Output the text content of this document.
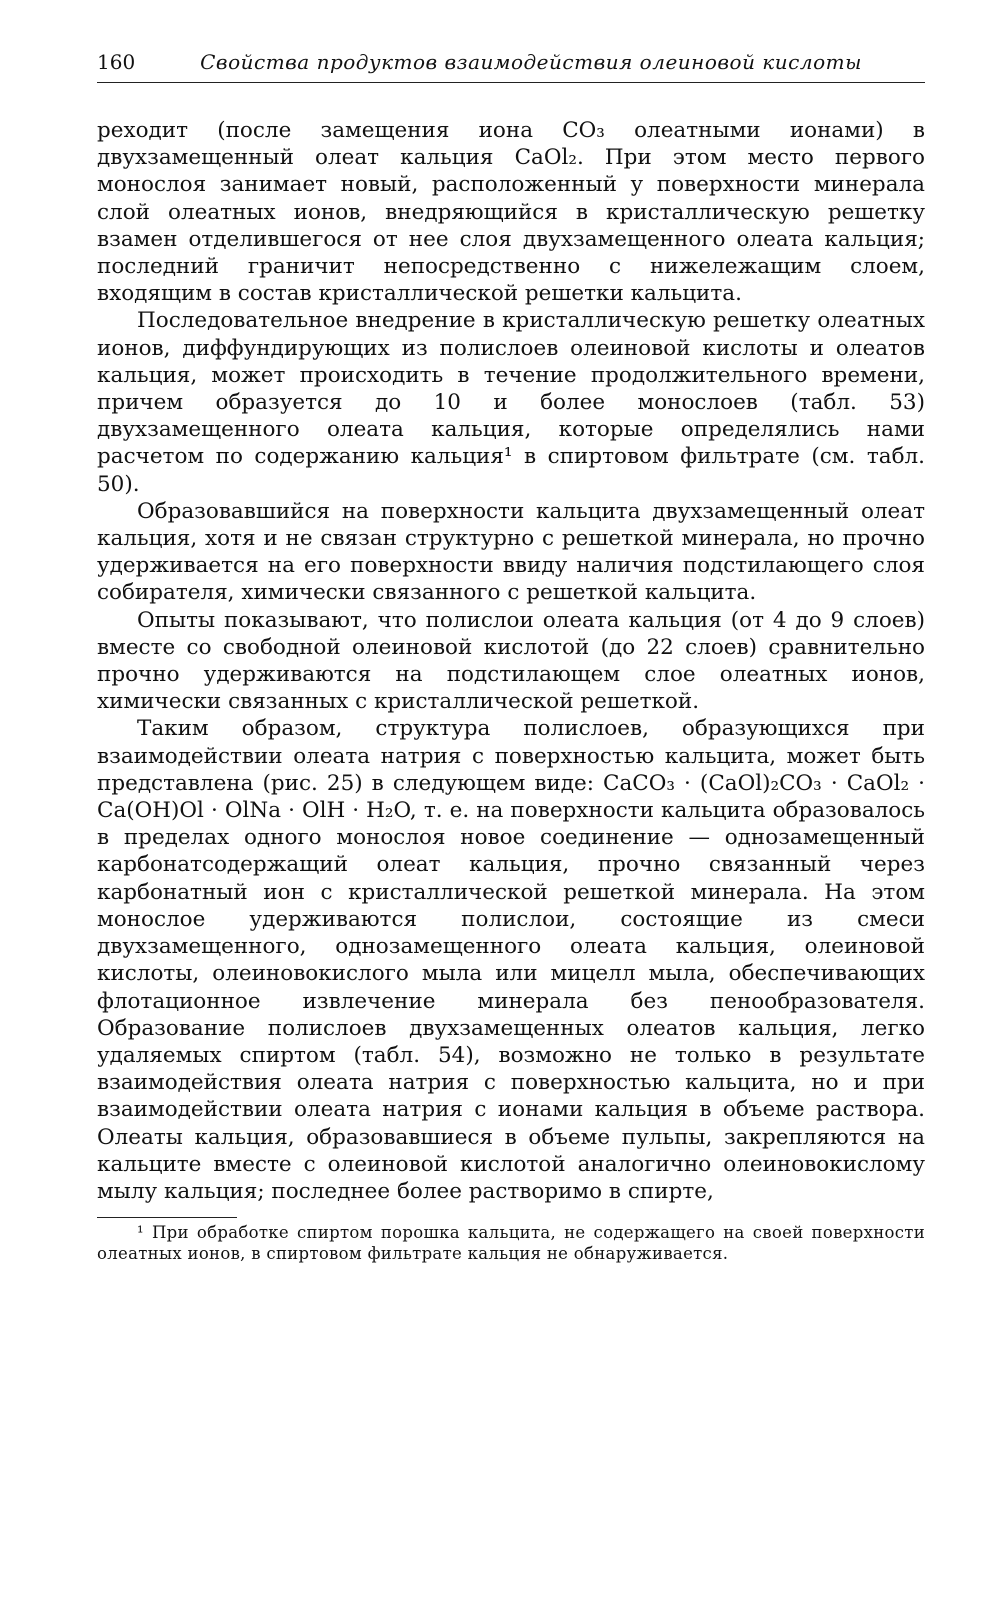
160	Свойства продуктов взаимодействия олеиновой кислоты

реходит (после замещения иона CO₃ олеатными ионами) в двухзамещенный олеат кальция CaOl₂. При этом место первого монослоя занимает новый, расположенный у поверхности минерала слой олеатных ионов, внедряющийся в кристаллическую решетку взамен отделившегося от нее слоя двухзамещенного олеата кальция; последний граничит непосредственно с нижележащим слоем, входящим в состав кристаллической решетки кальцита.

Последовательное внедрение в кристаллическую решетку олеатных ионов, диффундирующих из полислоев олеиновой кислоты и олеатов кальция, может происходить в течение продолжительного времени, причем образуется до 10 и более монослоев (табл. 53) двухзамещенного олеата кальция, которые определялись нами расчетом по содержанию кальция¹ в спиртовом фильтрате (см. табл. 50).

Образовавшийся на поверхности кальцита двухзамещенный олеат кальция, хотя и не связан структурно с решеткой минерала, но прочно удерживается на его поверхности ввиду наличия подстилающего слоя собирателя, химически связанного с решеткой кальцита.

Опыты показывают, что полислои олеата кальция (от 4 до 9 слоев) вместе со свободной олеиновой кислотой (до 22 слоев) сравнительно прочно удерживаются на подстилающем слое олеатных ионов, химически связанных с кристаллической решеткой.

Таким образом, структура полислоев, образующихся при взаимодействии олеата натрия с поверхностью кальцита, может быть представлена (рис. 25) в следующем виде: CaCO₃ · (CaOl)₂CO₃ · CaOl₂ · Ca(OH)Ol · OlNa · OlH · H₂O, т. е. на поверхности кальцита образовалось в пределах одного монослоя новое соединение — однозамещенный карбонатсодержащий олеат кальция, прочно связанный через карбонатный ион с кристаллической решеткой минерала. На этом монослое удерживаются полислои, состоящие из смеси двухзамещенного, однозамещенного олеата кальция, олеиновой кислоты, олеиновокислого мыла или мицелл мыла, обеспечивающих флотационное извлечение минерала без пенообразователя. Образование полислоев двухзамещенных олеатов кальция, легко удаляемых спиртом (табл. 54), возможно не только в результате взаимодействия олеата натрия с поверхностью кальцита, но и при взаимодействии олеата натрия с ионами кальция в объеме раствора. Олеаты кальция, образовавшиеся в объеме пульпы, закрепляются на кальците вместе с олеиновой кислотой аналогично олеиновокислому мылу кальция; последнее более растворимо в спирте,

¹ При обработке спиртом порошка кальцита, не содержащего на своей поверхности олеатных ионов, в спиртовом фильтрате кальция не обнаруживается.
